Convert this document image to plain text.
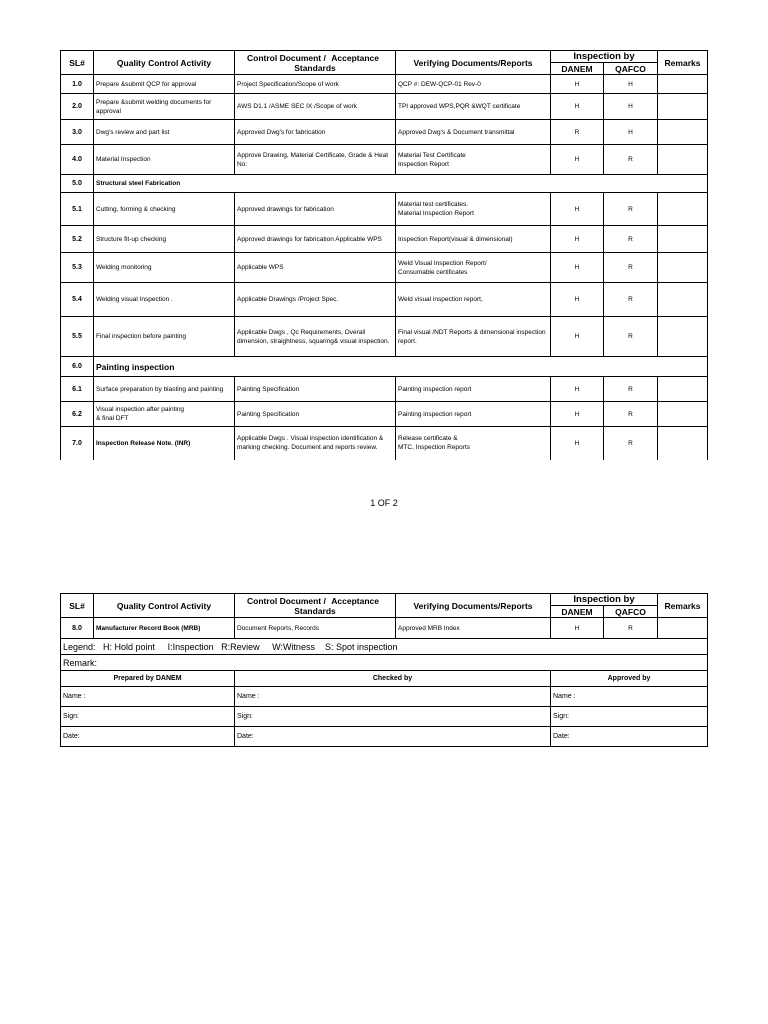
SL#	Quality Control Activity	Control Document / Acceptance
Standards	Verifying Documents/Reports	Inspection by		Remarks
				DANEM	QAFCO	
1.0	Prepare &submit QCP for approval	Project Specification/Scope of work	QCP #: DEW-QCP-01 Rev-0	H	H	
2.0	Prepare &submit welding documents for approval	AWS D1.1 /ASME SEC IX /Scope of work	TPI approved WPS,PQR &WQT certificate	H	H	
3.0	Dwg's review and part list	Approved Dwg's for fabrication	Approved Dwg's & Document transmittal	R	H	
4.0	Material Inspection	Approve Drawing, Material Certificate, Grade & Heat No:	Material Test Certificate
Inspection Report	H	R	
5.0	Structural steel Fabrication					
5.1	Cutting, forming & checking	Approved drawings for fabrication	Material test certificates.
Material Inspection Report	H	R	
5.2	Structure fit-up checking	Approved drawings for fabrication Applicable WPS	Inspection Report(visual & dimensional)	H	R	
5.3	Welding monitoring	Applicable WPS	Weld Visual Inspection Report/
Consumable certificates	H	R	
5.4	Welding visual Inspection .	Applicable Drawings /Project Spec.	Weld visual inspection report,	H	R	
5.5	Final inspection before painting	Applicable Dwgs , Qc Requirements, Overall dimension, straightness, squaring& visual inspection.	Final visual /NDT Reports & dimensional inspection report.	H	R	
6.0	Painting inspection					
6.1	Surface preparation by blasting and painting	Painting Specification	Painting inspection report	H	R	
6.2	Visual inspection after painting
& final DFT	Painting Specification	Painting inspection report	H	R	
7.0	Inspection Release Note. (INR)	Applicable Dwgs . Visual inspection identification & marking checking. Document and reports review.	Release certificate &
MTC, Inspection Reports	H	R	
1 OF 2
SL#	Quality Control Activity	Control Document / Acceptance
Standards	Verifying Documents/Reports	Inspection by		Remarks
				DANEM	QAFCO	
8.0	Manufacturer Record Book (MRB)	Document Reports, Records	Approved MRB Index	H	R	
Legend:   H: Hold point     I:Inspection   R:Review     W:Witness    S: Spot inspection						
Remark:						
Prepared by DANEM		Checked by		Approved by		
Name :		Name :		Name :		
Sign:		Sign:		Sign:		
Date:		Date:		Date:		
